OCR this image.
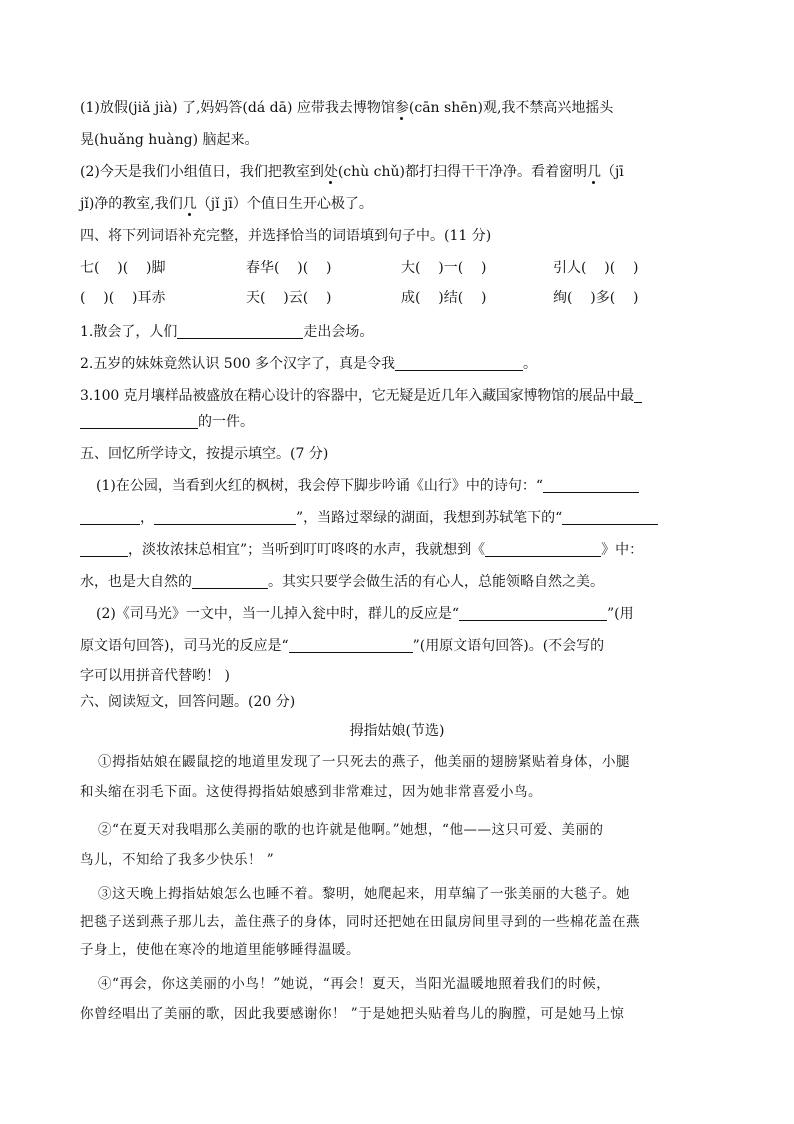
(1)放假(jiǎ jià) 了,妈妈答(dá dā) 应带我去博物馆参(cān shēn)观,我不禁高兴地摇头
晃(huǎng huàng) 脑起来。
(2)今天是我们小组值日，我们把教室到处(chù chǔ)都打扫得干干净净。看着窗明几（jī
jǐ)净的教室,我们几（jǐ jī）个值日生开心极了。
四、将下列词语补充完整，并选择恰当的词语填到句子中。(11 分)
七( )( )脚	春华( )( )	大( )一( )	引人( )( )
( )( )耳赤	天( )云( )	成( )结( )	绚( )多( )
1.散会了，人们	走出会场。
2.五岁的妹妹竟然认识 500 多个汉字了，真是令我	。
3.100 克月壤样品被盛放在精心设计的容器中，它无疑是近几年入藏国家博物馆的展品中最
的一件。
五、回忆所学诗文，按提示填空。(7 分)
(1)在公园，当看到火红的枫树，我会停下脚步吟诵《山行》中的诗句：“
，	”，当路过翠绿的湖面，我想到苏轼笔下的“
，淡妆浓抹总相宜”；当听到叮叮咚咚的水声，我就想到《	》中：
水，也是大自然的	。其实只要学会做生活的有心人，总能领略自然之美。
(2)《司马光》一文中，当一儿掉入瓮中时，群儿的反应是“	”(用
原文语句回答)，司马光的反应是“	”(用原文语句回答)。(不会写的
字可以用拼音代替哟！ )
六、阅读短文，回答问题。(20 分)
拇指姑娘(节选)
①拇指姑娘在鼹鼠挖的地道里发现了一只死去的燕子，他美丽的翅膀紧贴着身体，小腿
和头缩在羽毛下面。这使得拇指姑娘感到非常难过，因为她非常喜爱小鸟。
②“在夏天对我唱那么美丽的歌的也许就是他啊。”她想，“他——这只可爱、美丽的
鸟儿，不知给了我多少快乐！ ”
③这天晚上拇指姑娘怎么也睡不着。黎明，她爬起来，用草编了一张美丽的大毯子。她
把毯子送到燕子那儿去，盖住燕子的身体，同时还把她在田鼠房间里寻到的一些棉花盖在燕
子身上，使他在寒冷的地道里能够睡得温暖。
④“再会，你这美丽的小鸟！”她说，“再会！夏天，当阳光温暖地照着我们的时候，
你曾经唱出了美丽的歌，因此我要感谢你！ ”于是她把头贴着鸟儿的胸膛，可是她马上惊
